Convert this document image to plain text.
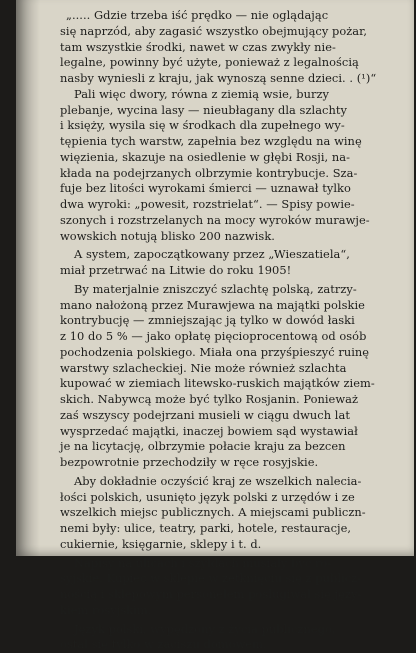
„..... Gdzie trzeba iść prędko — nie oglądając

się naprzód, aby zagasić wszystko obejmujący pożar,

tam wszystkie środki, nawet w czas zwykły nie-

legalne, powinny być użyte, ponieważ z legalnością

nasby wyniesli z kraju, jak wynoszą senne dzieci. . (¹)“

Pali więc dwory, równa z ziemią wsie, burzy

plebanje, wycina lasy — nieubłagany dla szlachty

i księży, wysila się w środkach dla zupełnego wy-

tępienia tych warstw, zapełnia bez względu na winę

więzienia, skazuje na osiedlenie w głębi Rosji, na-

kłada na podejrzanych olbrzymie kontrybucje. Sza-

fuje bez litości wyrokami śmierci — uznawał tylko

dwa wyroki: „powesit, rozstrielat“. — Spisy powie-

szonych i rozstrzelanych na mocy wyroków murawje-

wowskich notują blisko 200 nazwisk.

A system, zapoczątkowany przez „Wieszatiela“,

miał przetrwać na Litwie do roku 1905!

By materjalnie zniszczyć szlachtę polską, zatrzy-

mano nałożoną przez Murawjewa na majątki polskie

kontrybucję — zmniejszając ją tylko w dowód łaski

z 10 do 5 % — jako opłatę pięcioprocentową od osób

pochodzenia polskiego. Miała ona przyśpieszyć ruinę

warstwy szlacheckiej. Nie może również szlachta

kupować w ziemiach litewsko-ruskich majątków ziem-

skich. Nabywcą może być tylko Rosjanin. Ponieważ

zaś wszyscy podejrzani musieli w ciągu dwuch lat

wysprzedać majątki, inaczej bowiem sąd wystawiał

je na licytację, olbrzymie połacie kraju za bezcen

bezpowrotnie przechodziły w ręce rosyjskie.

Aby dokładnie oczyścić kraj ze wszelkich naleciа-

łości polskich, usunięto język polski z urzędów i ze

wszelkich miejsc publicznych. A miejscami publiczn-

nemi były: ulice, teatry, parki, hotele, restauracje,

cukiernie, księgarnie, sklepy i t. d.

Napisy na ulicach i szyldach musiały być ro-

syjskie. Kupiec w sklepie w zetknięciu się z publicz-

nością i sklepowym personelem posługiwał się języ-

kiem rosyjskim.

Język polski, wypędzony z życia publicznego,

ostał się tylko w zaciszu domowem.
